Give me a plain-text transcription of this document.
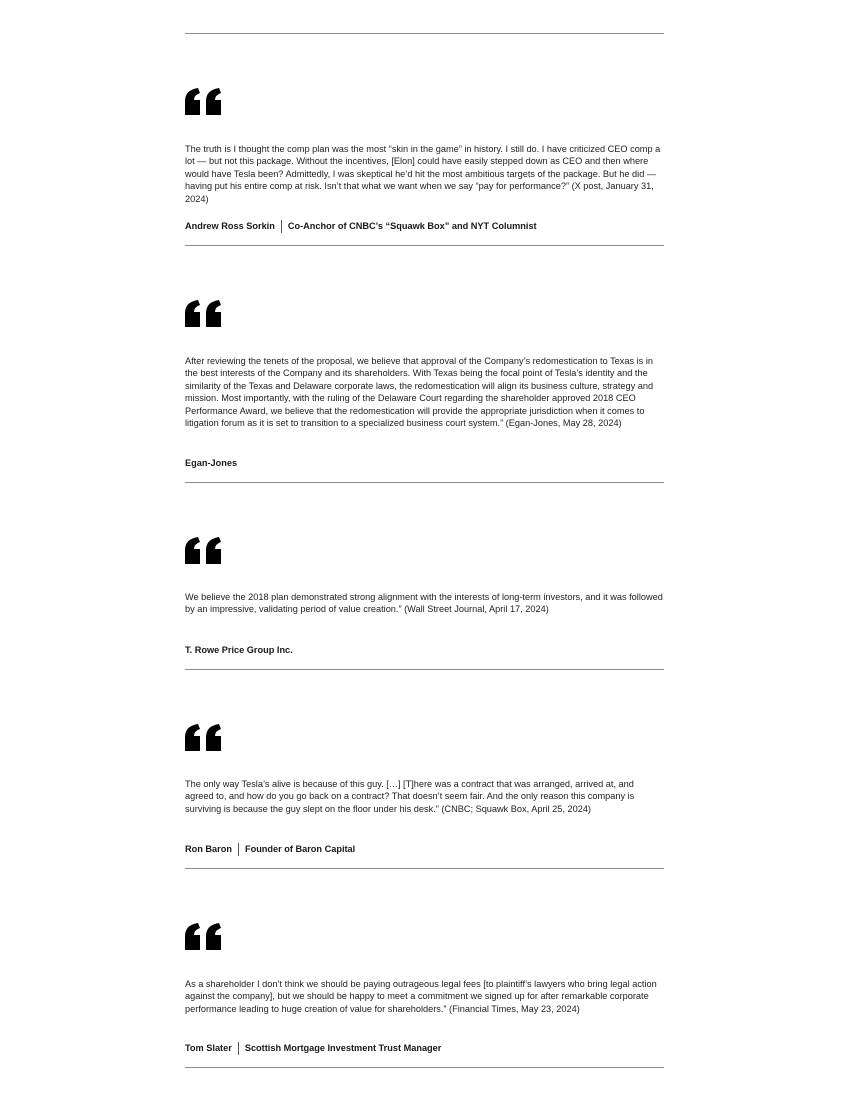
The truth is I thought the comp plan was the most “skin in the game” in history. I still do. I have criticized CEO comp a lot — but not this package. Without the incentives, [Elon] could have easily stepped down as CEO and then where would have Tesla been? Admittedly, I was skeptical he’d hit the most ambitious targets of the package. But he did — having put his entire comp at risk. Isn’t that what we want when we say “pay for performance?” (X post, January 31, 2024)

Andrew Ross Sorkin Co-Anchor of CNBC’s “Squawk Box” and NYT Columnist

After reviewing the tenets of the proposal, we believe that approval of the Company’s redomestication to Texas is in the best interests of the Company and its shareholders. With Texas being the focal point of Tesla’s identity and the similarity of the Texas and Delaware corporate laws, the redomestication will align its business culture, strategy and mission. Most importantly, with the ruling of the Delaware Court regarding the shareholder approved 2018 CEO Performance Award, we believe that the redomestication will provide the appropriate jurisdiction when it comes to litigation forum as it is set to transition to a specialized business court system.” (Egan-Jones, May 28, 2024)

Egan-Jones

We believe the 2018 plan demonstrated strong alignment with the interests of long-term investors, and it was followed by an impressive, validating period of value creation.” (Wall Street Journal, April 17, 2024)

T. Rowe Price Group Inc.

The only way Tesla’s alive is because of this guy. […] [T]here was a contract that was arranged, arrived at, and agreed to, and how do you go back on a contract? That doesn’t seem fair. And the only reason this company is surviving is because the guy slept on the floor under his desk.” (CNBC; Squawk Box, April 25, 2024)

Ron Baron Founder of Baron Capital

As a shareholder I don’t think we should be paying outrageous legal fees [to plaintiff’s lawyers who bring legal action against the company], but we should be happy to meet a commitment we signed up for after remarkable corporate performance leading to huge creation of value for shareholders.” (Financial Times, May 23, 2024)

Tom Slater Scottish Mortgage Investment Trust Manager
